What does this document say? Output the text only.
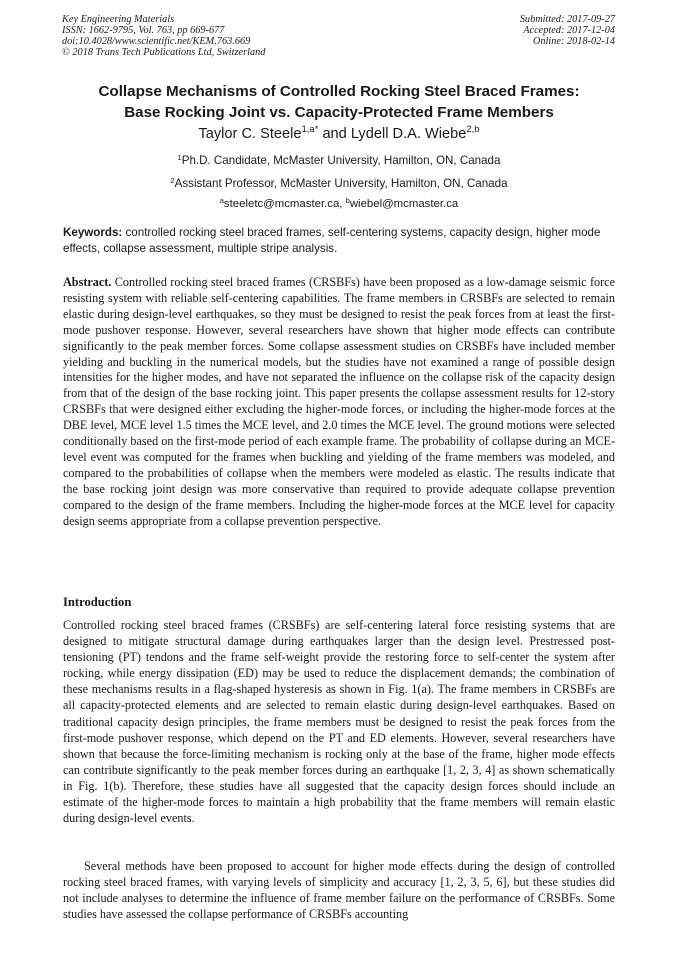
Key Engineering Materials
ISSN: 1662-9795, Vol. 763, pp 669-677
doi:10.4028/www.scientific.net/KEM.763.669
© 2018 Trans Tech Publications Ltd, Switzerland
Submitted: 2017-09-27
Accepted: 2017-12-04
Online: 2018-02-14
Collapse Mechanisms of Controlled Rocking Steel Braced Frames:
Base Rocking Joint vs. Capacity-Protected Frame Members
Taylor C. Steele$^{1,a*}$ and Lydell D.A. Wiebe$^{2,b}$
$^1$Ph.D. Candidate, McMaster University, Hamilton, ON, Canada
$^2$Assistant Professor, McMaster University, Hamilton, ON, Canada
$^a$steeletc@mcmaster.ca, $^b$wiebel@mcmaster.ca
Keywords: controlled rocking steel braced frames, self-centering systems, capacity design, higher mode effects, collapse assessment, multiple stripe analysis.
Abstract. Controlled rocking steel braced frames (CRSBFs) have been proposed as a low-damage seismic force resisting system with reliable self-centering capabilities. The frame members in CRSBFs are selected to remain elastic during design-level earthquakes, so they must be designed to resist the peak forces from at least the first-mode pushover response. However, several researchers have shown that higher mode effects can contribute significantly to the peak member forces. Some collapse assessment studies on CRSBFs have included member yielding and buckling in the numerical models, but the studies have not examined a range of possible design intensities for the higher modes, and have not separated the influence on the collapse risk of the capacity design from that of the design of the base rocking joint. This paper presents the collapse assessment results for 12-story CRSBFs that were designed either excluding the higher-mode forces, or including the higher-mode forces at the DBE level, MCE level 1.5 times the MCE level, and 2.0 times the MCE level. The ground motions were selected conditionally based on the first-mode period of each example frame. The probability of collapse during an MCE-level event was computed for the frames when buckling and yielding of the frame members was modeled, and compared to the probabilities of collapse when the members were modeled as elastic. The results indicate that the base rocking joint design was more conservative than required to provide adequate collapse prevention compared to the design of the frame members. Including the higher-mode forces at the MCE level for capacity design seems appropriate from a collapse prevention perspective.
Introduction
Controlled rocking steel braced frames (CRSBFs) are self-centering lateral force resisting systems that are designed to mitigate structural damage during earthquakes larger than the design level. Prestressed post-tensioning (PT) tendons and the frame self-weight provide the restoring force to self-center the system after rocking, while energy dissipation (ED) may be used to reduce the displacement demands; the combination of these mechanisms results in a flag-shaped hysteresis as shown in Fig. 1(a). The frame members in CRSBFs are all capacity-protected elements and are selected to remain elastic during design-level earthquakes. Based on traditional capacity design principles, the frame members must be designed to resist the peak forces from the first-mode pushover response, which depend on the PT and ED elements. However, several researchers have shown that because the force-limiting mechanism is rocking only at the base of the frame, higher mode effects can contribute significantly to the peak member forces during an earthquake [1, 2, 3, 4] as shown schematically in Fig. 1(b). Therefore, these studies have all suggested that the capacity design forces should include an estimate of the higher-mode forces to maintain a high probability that the frame members will remain elastic during design-level events.
Several methods have been proposed to account for higher mode effects during the design of controlled rocking steel braced frames, with varying levels of simplicity and accuracy [1, 2, 3, 5, 6], but these studies did not include analyses to determine the influence of frame member failure on the performance of CRSBFs. Some studies have assessed the collapse performance of CRSBFs accounting
